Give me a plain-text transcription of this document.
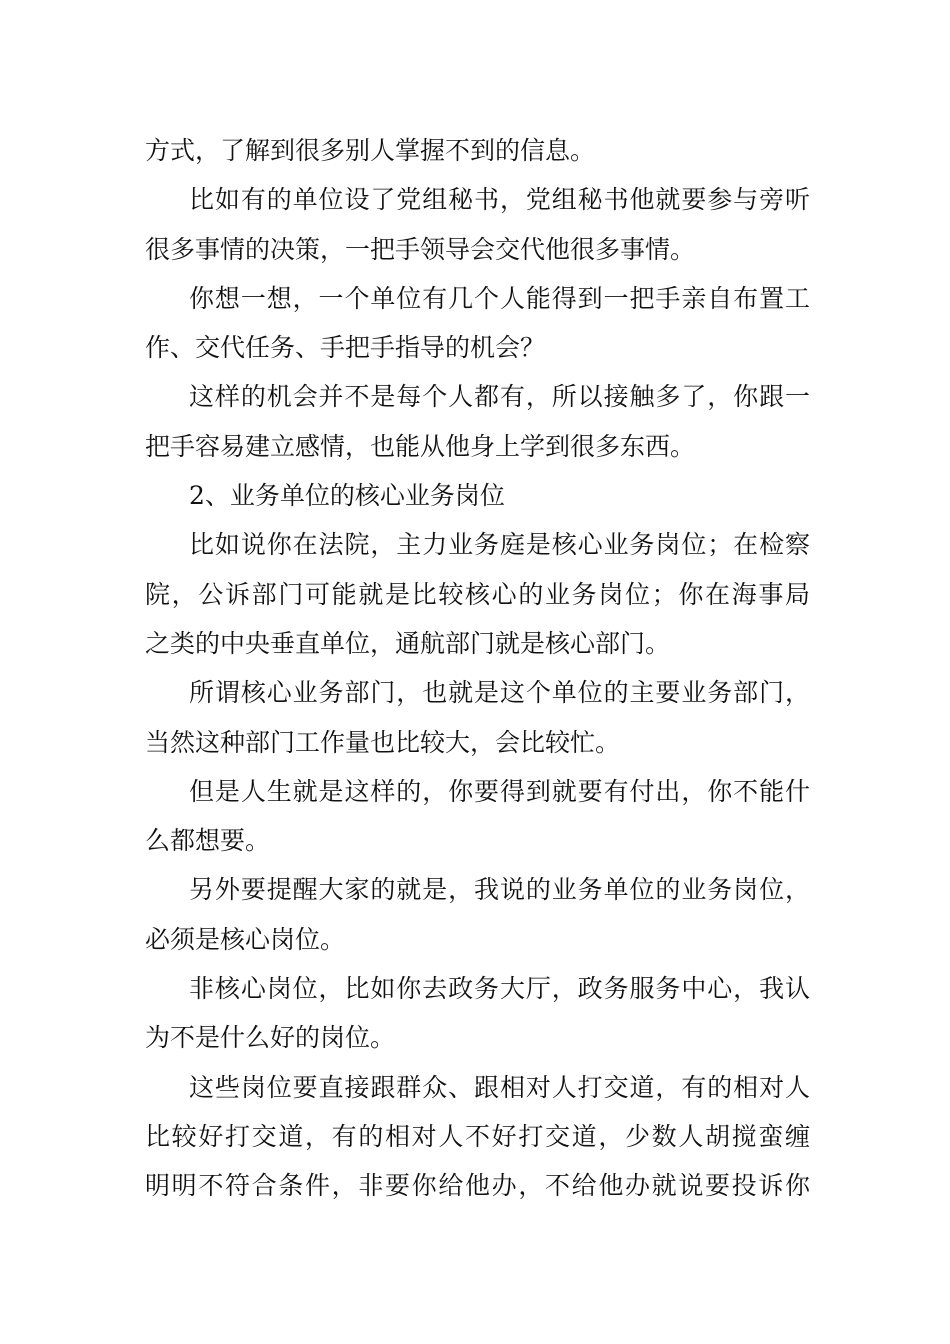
方式，了解到很多别人掌握不到的信息。
比如有的单位设了党组秘书，党组秘书他就要参与旁听
很多事情的决策，一把手领导会交代他很多事情。
你想一想，一个单位有几个人能得到一把手亲自布置工
作、交代任务、手把手指导的机会？
这样的机会并不是每个人都有，所以接触多了，你跟一
把手容易建立感情，也能从他身上学到很多东西。
2、业务单位的核心业务岗位
比如说你在法院，主力业务庭是核心业务岗位；在检察
院，公诉部门可能就是比较核心的业务岗位；你在海事局
之类的中央垂直单位，通航部门就是核心部门。
所谓核心业务部门，也就是这个单位的主要业务部门，
当然这种部门工作量也比较大，会比较忙。
但是人生就是这样的，你要得到就要有付出，你不能什
么都想要。
另外要提醒大家的就是，我说的业务单位的业务岗位，
必须是核心岗位。
非核心岗位，比如你去政务大厅，政务服务中心，我认
为不是什么好的岗位。
这些岗位要直接跟群众、跟相对人打交道，有的相对人
比较好打交道，有的相对人不好打交道，少数人胡搅蛮缠
明明不符合条件，非要你给他办，不给他办就说要投诉你
